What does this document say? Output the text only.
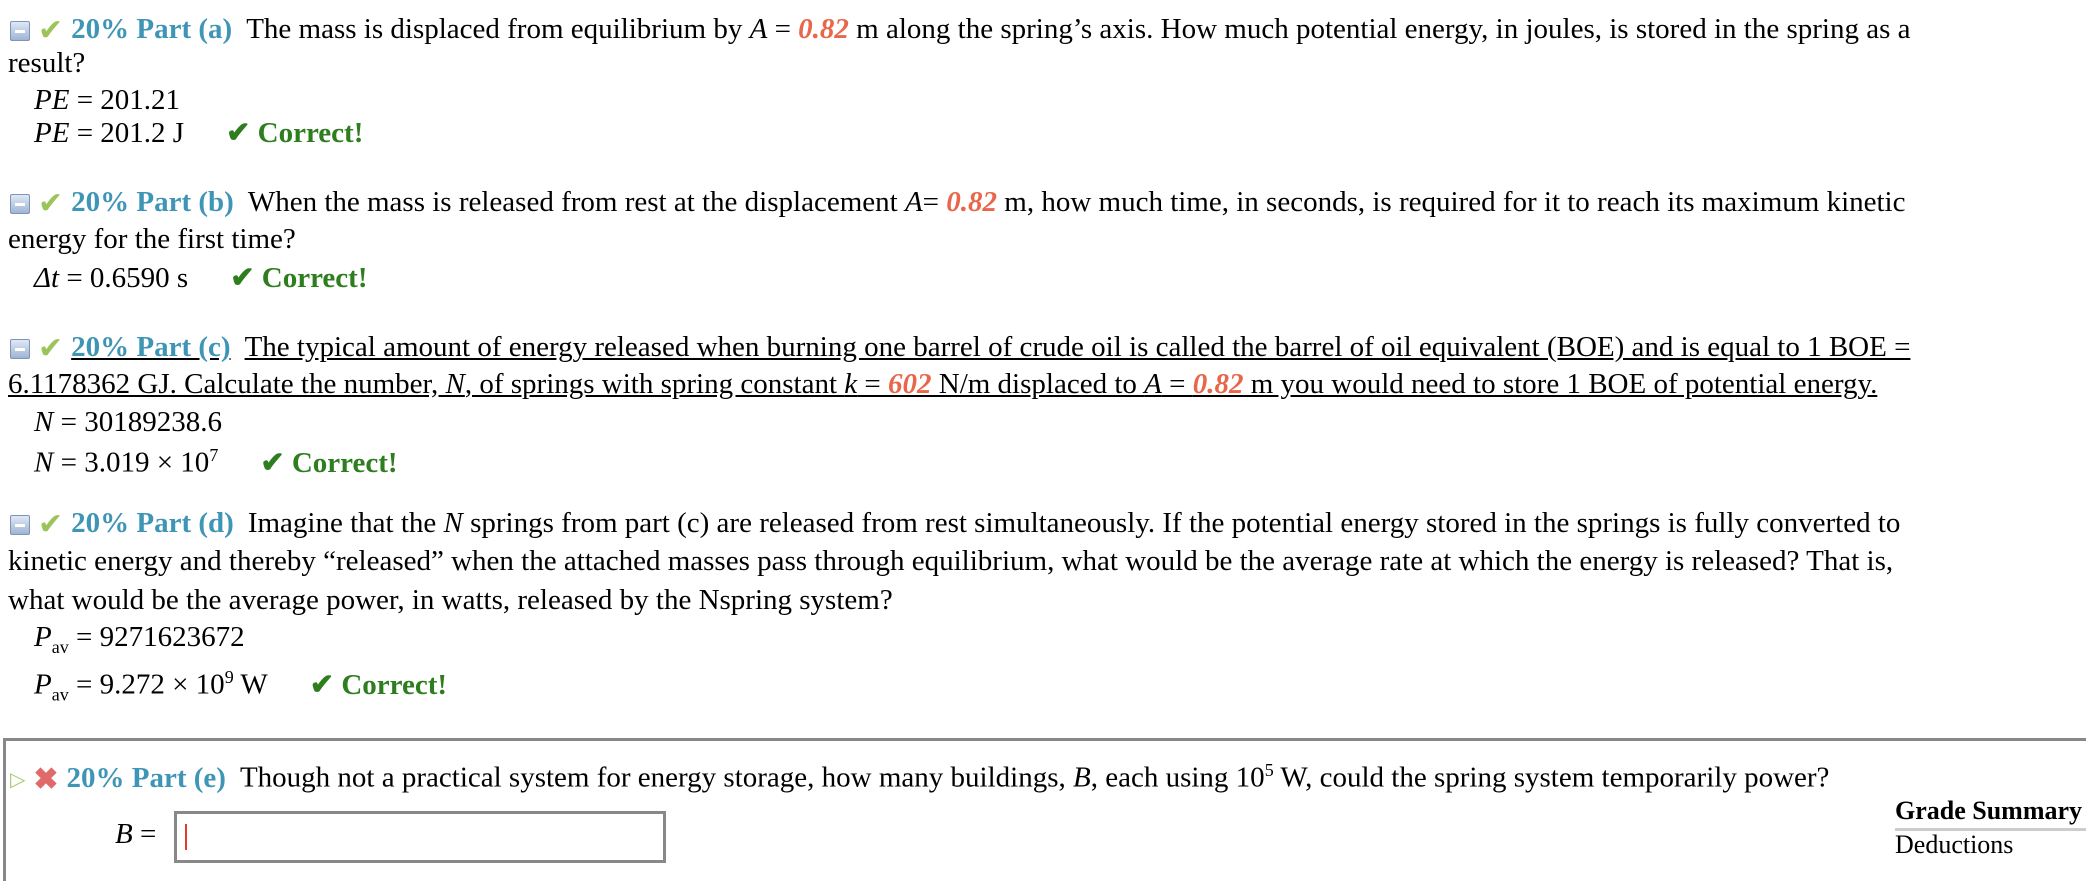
✔ 20% Part (a) The mass is displaced from equilibrium by A = 0.82 m along the spring’s axis. How much potential energy, in joules, is stored in the spring as a
result?
PE = 201.21
PE = 201.2 J ✔ Correct!
✔ 20% Part (b) When the mass is released from rest at the displacement A= 0.82 m, how much time, in seconds, is required for it to reach its maximum kinetic
energy for the first time?
Δt = 0.6590 s ✔ Correct!
✔ 20% Part (c) The typical amount of energy released when burning one barrel of crude oil is called the barrel of oil equivalent (BOE) and is equal to 1 BOE =
6.1178362 GJ. Calculate the number, N, of springs with spring constant k = 602 N/m displaced to A = 0.82 m you would need to store 1 BOE of potential energy.
N = 30189238.6
$N = 3.019 \times 10^7$ ✔ Correct!
✔ 20% Part (d) Imagine that the N springs from part (c) are released from rest simultaneously. If the potential energy stored in the springs is fully converted to
kinetic energy and thereby “released” when the attached masses pass through equilibrium, what would be the average rate at which the energy is released? That is,
what would be the average power, in watts, released by the Nspring system?
$P_{av} = 9271623672$
$P_{av} = 9.272 \times 10^9$ W ✔ Correct!
▷ ✖ 20% Part (e) Though not a practical system for energy storage, how many buildings, B, each using $10^5$ W, could the spring system temporarily power?
B =
Grade Summary
Deductions
